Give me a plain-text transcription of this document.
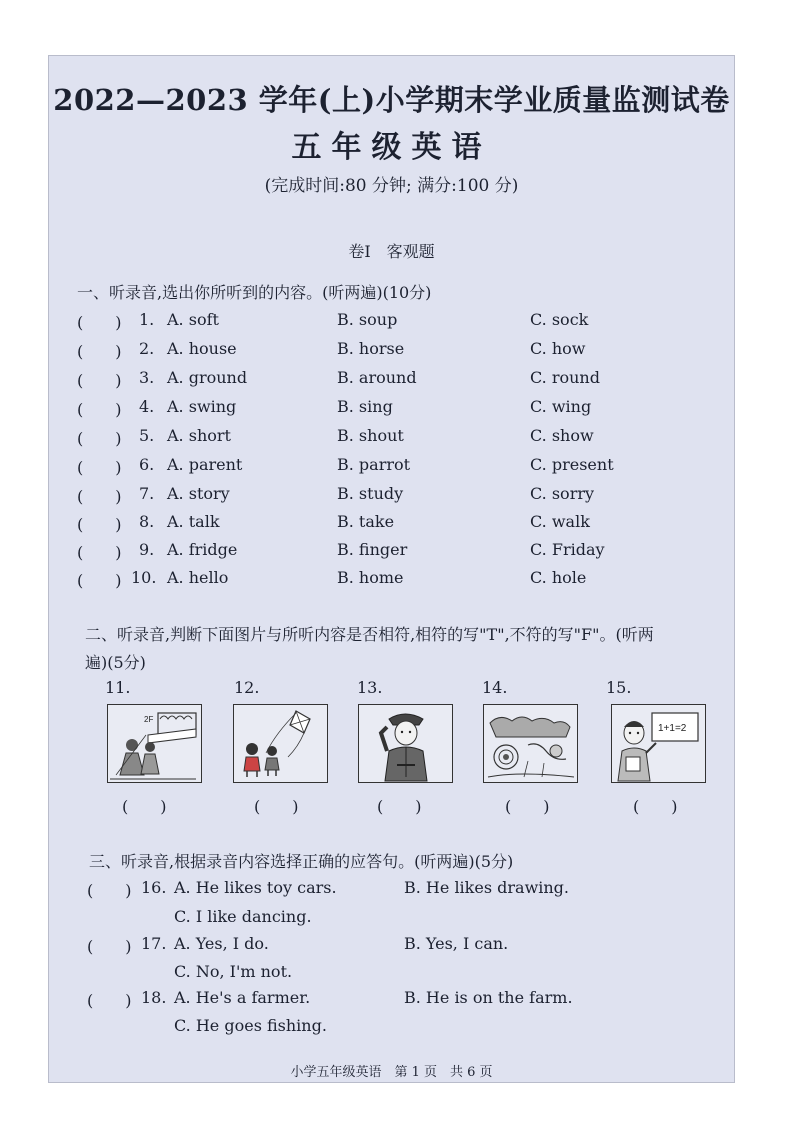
2022—2023 学年(上)小学期末学业质量监测试卷
五年级英语
(完成时间:80 分钟; 满分:100 分)
卷Ⅰ　客观题
一、听录音,选出你所听到的内容。(听两遍)(10分)
(　　) 1. A. soft	B. soup	C. sock
(　　) 2. A. house	B. horse	C. how
(　　) 3. A. ground	B. around	C. round
(　　) 4. A. swing	B. sing	C. wing
(　　) 5. A. short	B. shout	C. show
(　　) 6. A. parent	B. parrot	C. present
(　　) 7. A. story	B. study	C. sorry
(　　) 8. A. talk	B. take	C. walk
(　　) 9. A. fridge	B. finger	C. Friday
(　　) 10. A. hello	B. home	C. hole
二、听录音,判断下面图片与所听内容是否相符,相符的写"T",不符的写"F"。(听两
遍)(5分)
11.	12.	13.	14.	15.
2F
1+1=2
(　　)	(　　)	(　　)	(　　)	(　　)
三、听录音,根据录音内容选择正确的应答句。(听两遍)(5分)
(　　) 16. A. He likes toy cars.	B. He likes drawing.
C. I like dancing.
(　　) 17. A. Yes, I do.	B. Yes, I can.
C. No, I'm not.
(　　) 18. A. He's a farmer.	B. He is on the farm.
C. He goes fishing.
小学五年级英语　第 1 页　共 6 页
